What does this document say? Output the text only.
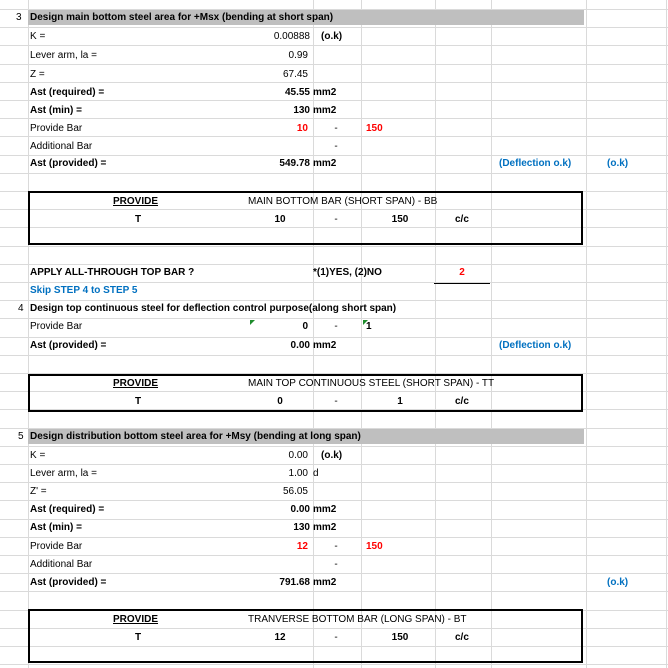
3 Design main bottom steel area for +Msx (bending at short span)
K =	0.00888 (o.k)
Lever arm, la =	0.99
Z =	67.45
Ast (required) =	45.55 mm2
Ast (min) =	130 mm2
Provide Bar	10	-	150
Additional Bar	-
Ast (provided) =	549.78 mm2	(Deflection o.k)	(o.k)
PROVIDE	MAIN BOTTOM BAR (SHORT SPAN) - BB
T	10	-	150	c/c
APPLY ALL-THROUGH TOP BAR ?	*(1)YES, (2)NO	2
Skip STEP 4 to STEP 5
4 Design top continuous steel for deflection control purpose(along short span)
Provide Bar	0	-	1
Ast (provided) =	0.00 mm2	(Deflection o.k)
PROVIDE	MAIN TOP CONTINUOUS STEEL (SHORT SPAN) - TT
T	0	-	1	c/c
5 Design distribution bottom steel area for +Msy (bending at long span)
K =	0.00 (o.k)
Lever arm, la =	1.00 d
Z' =	56.05
Ast (required) =	0.00 mm2
Ast (min) =	130 mm2
Provide Bar	12	-	150
Additional Bar	-
Ast (provided) =	791.68 mm2	(o.k)
PROVIDE	TRANVERSE BOTTOM BAR (LONG SPAN) - BT
T	12	-	150	c/c
